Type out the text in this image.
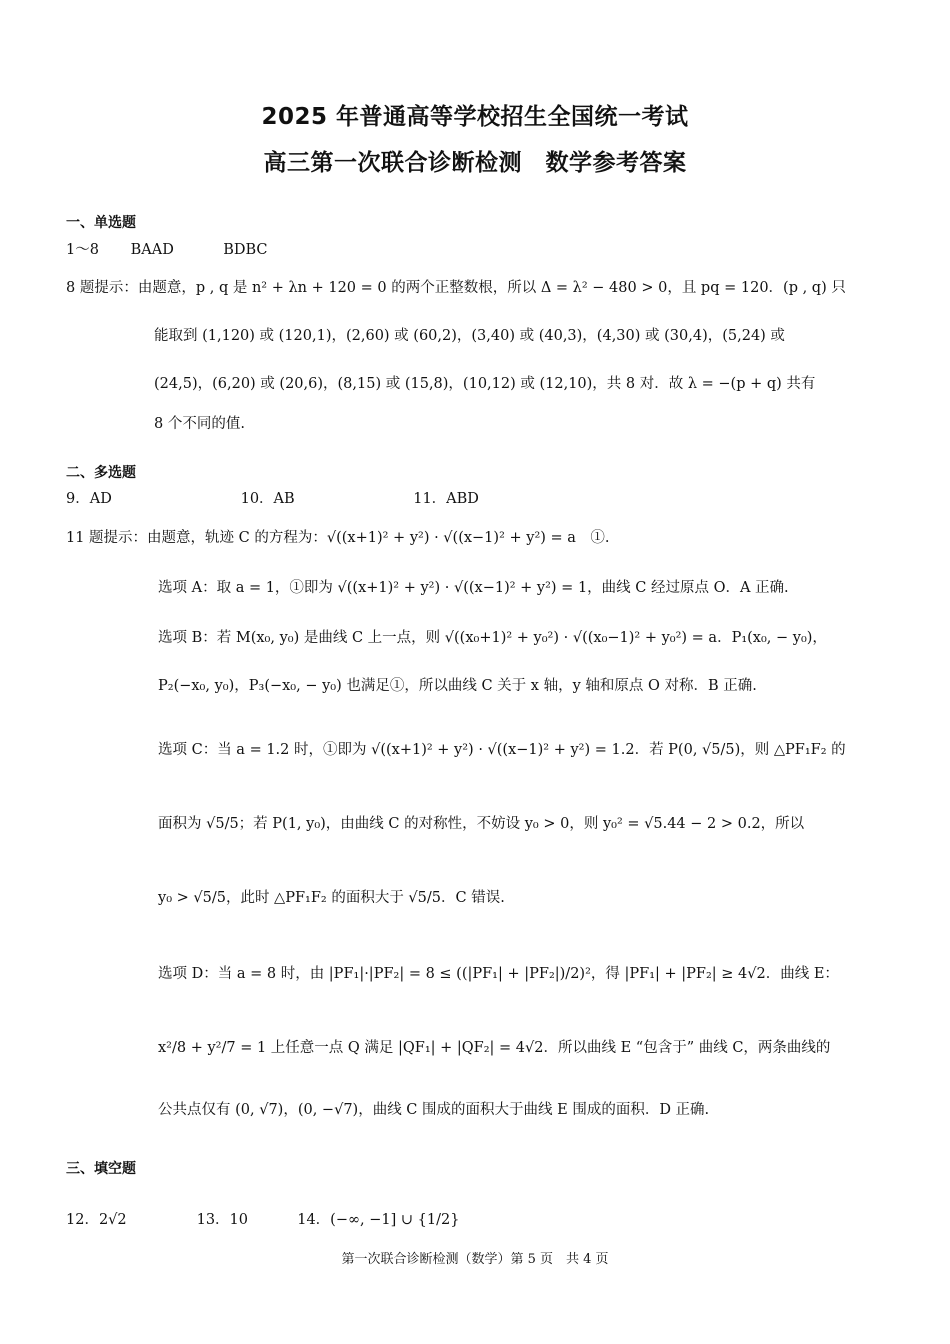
2025 年普通高等学校招生全国统一考试
高三第一次联合诊断检测　数学参考答案
一、单选题
1～8 BAAD	BDBC
8 题提示：由题意，p , q 是 n² + λn + 120 = 0 的两个正整数根，所以 Δ = λ² − 480 > 0，且 pq = 120．(p , q) 只
能取到 (1,120) 或 (120,1)，(2,60) 或 (60,2)，(3,40) 或 (40,3)，(4,30) 或 (30,4)，(5,24) 或
(24,5)，(6,20) 或 (20,6)，(8,15) 或 (15,8)，(10,12) 或 (12,10)，共 8 对．故 λ = −(p + q) 共有
8 个不同的值.
二、多选题
9．AD	10．AB	11．ABD
11 题提示：由题意，轨迹 C 的方程为：√((x+1)² + y²) · √((x−1)² + y²) = a　①.
选项 A：取 a = 1，①即为 √((x+1)² + y²) · √((x−1)² + y²) = 1，曲线 C 经过原点 O．A 正确.
选项 B：若 M(x₀, y₀) 是曲线 C 上一点，则 √((x₀+1)² + y₀²) · √((x₀−1)² + y₀²) = a．P₁(x₀, − y₀)，
P₂(−x₀, y₀)，P₃(−x₀, − y₀) 也满足①，所以曲线 C 关于 x 轴，y 轴和原点 O 对称．B 正确.
选项 C：当 a = 1.2 时，①即为 √((x+1)² + y²) · √((x−1)² + y²) = 1.2．若 P(0, √5/5)，则 △PF₁F₂ 的
面积为 √5/5；若 P(1, y₀)，由曲线 C 的对称性，不妨设 y₀ > 0，则 y₀² = √5.44 − 2 > 0.2，所以
y₀ > √5/5，此时 △PF₁F₂ 的面积大于 √5/5．C 错误.
选项 D：当 a = 8 时，由 |PF₁|·|PF₂| = 8 ≤ ((|PF₁| + |PF₂|)/2)²，得 |PF₁| + |PF₂| ≥ 4√2．曲线 E：
x²/8 + y²/7 = 1 上任意一点 Q 满足 |QF₁| + |QF₂| = 4√2．所以曲线 E “包含于” 曲线 C，两条曲线的
公共点仅有 (0, √7)，(0, −√7)，曲线 C 围成的面积大于曲线 E 围成的面积．D 正确.
三、填空题
12．2√2	13．10	14．(−∞, −1] ∪ {1/2}
第一次联合诊断检测（数学）第 5 页　共 4 页
